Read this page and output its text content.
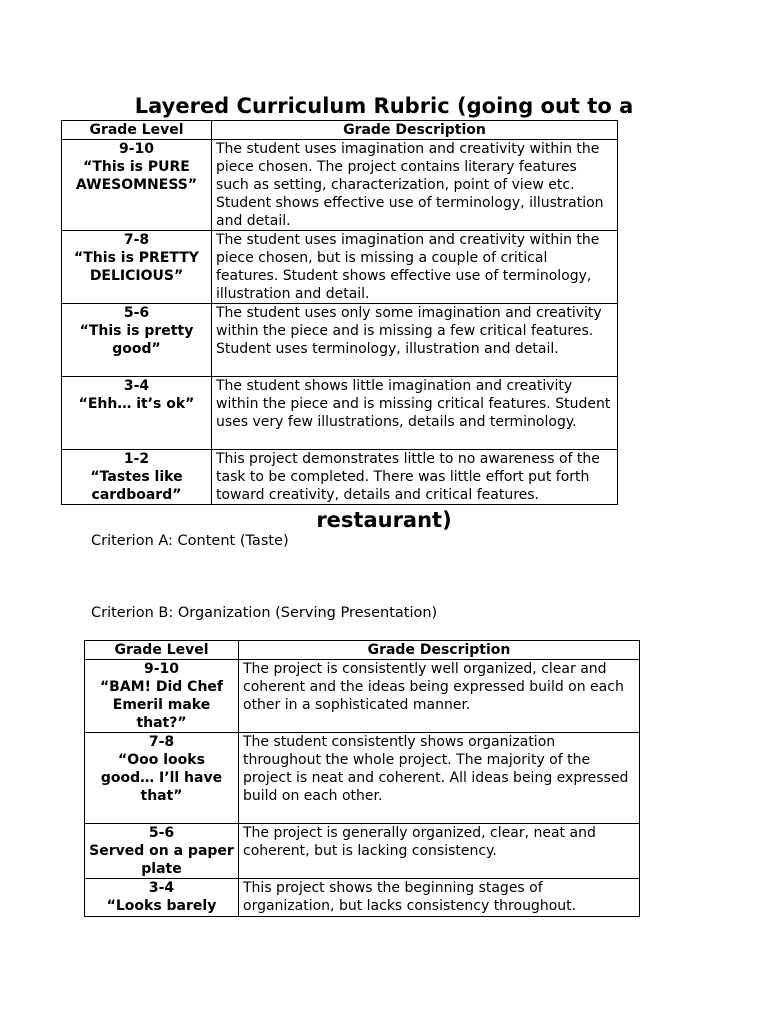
Layered Curriculum Rubric (going out to a
Grade Level	Grade Description

9-10
“This is PURE AWESOMNESS”	The student uses imagination and creativity within the piece chosen. The project contains literary features such as setting, characterization, point of view etc. Student shows effective use of terminology, illustration and detail.

7-8
“This is PRETTY DELICIOUS”	The student uses imagination and creativity within the piece chosen, but is missing a couple of critical features. Student shows effective use of terminology, illustration and detail.

5-6
“This is pretty good”	The student uses only some imagination and creativity within the piece and is missing a few critical features. Student uses terminology, illustration and detail.

3-4
“Ehh… it’s ok”	The student shows little imagination and creativity within the piece and is missing critical features. Student uses very few illustrations, details and terminology.

1-2
“Tastes like cardboard”	This project demonstrates little to no awareness of the task to be completed. There was little effort put forth toward creativity, details and critical features.
restaurant)
Criterion A: Content (Taste)
Criterion B: Organization (Serving Presentation)
Grade Level	Grade Description

9-10
“BAM! Did Chef Emeril make that?”	The project is consistently well organized, clear and coherent and the ideas being expressed build on each other in a sophisticated manner.

7-8
“Ooo looks good… I’ll have that”	The student consistently shows organization throughout the whole project. The majority of the project is neat and coherent. All ideas being expressed build on each other.

5-6
Served on a paper plate	The project is generally organized, clear, neat and coherent, but is lacking consistency.

3-4
“Looks barely	This project shows the beginning stages of organization, but lacks consistency throughout.
